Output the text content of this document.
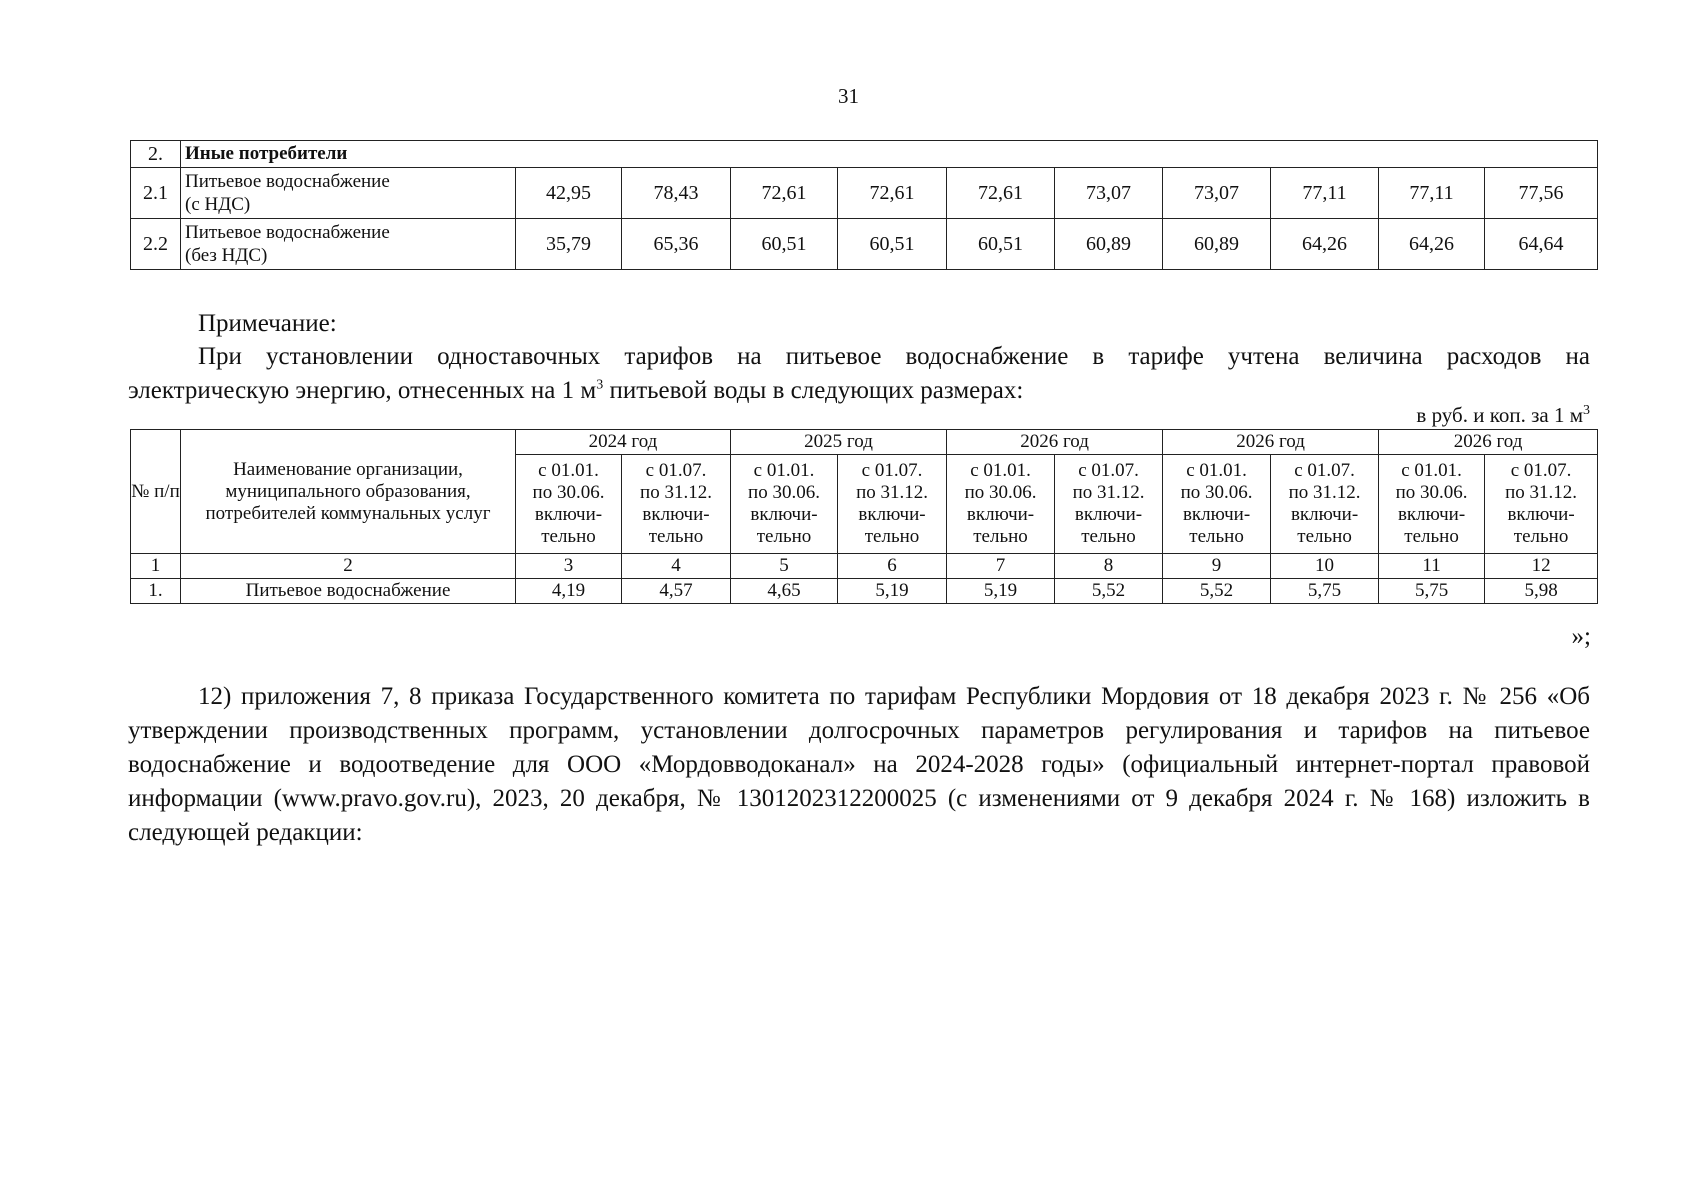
31
2.	Иные потребители										
2.1	Питьевое водоснабжение
(с НДС)	42,95	78,43	72,61	72,61	72,61	73,07	73,07	77,11	77,11	77,56
2.2	Питьевое водоснабжение
(без НДС)	35,79	65,36	60,51	60,51	60,51	60,89	60,89	64,26	64,26	64,64
Примечание:
При установлении одноставочных тарифов на питьевое водоснабжение в тарифе учтена величина расходов на
электрическую энергию, отнесенных на 1 $м^3$ питьевой воды в следующих размерах:
в руб. и коп. за 1 $м^3$
№ п/п	Наименование организации, муниципального образования, потребителей коммунальных услуг	2024 год		2025 год		2026 год		2026 год		2026 год	
		с 01.01.
по 30.06.
включи-
тельно	с 01.07.
по 31.12.
включи-
тельно	с 01.01.
по 30.06.
включи-
тельно	с 01.07.
по 31.12.
включи-
тельно	с 01.01.
по 30.06.
включи-
тельно	с 01.07.
по 31.12.
включи-
тельно	с 01.01.
по 30.06.
включи-
тельно	с 01.07.
по 31.12.
включи-
тельно	с 01.01.
по 30.06.
включи-
тельно	с 01.07.
по 31.12.
включи-
тельно
1	2	3	4	5	6	7	8	9	10	11	12
1.	Питьевое водоснабжение	4,19	4,57	4,65	5,19	5,19	5,52	5,52	5,75	5,75	5,98
»;
12) приложения 7, 8 приказа Государственного комитета по тарифам Республики Мордовия от 18 декабря 2023 г. № 256 «Об утверждении производственных программ, установлении долгосрочных параметров регулирования и тарифов на питьевое водоснабжение и водоотведение для ООО «Мордовводоканал» на 2024-2028 годы» (официальный интернет-портал правовой информации (www.pravo.gov.ru), 2023, 20 декабря, № 1301202312200025 (с изменениями от 9 декабря 2024 г. № 168) изложить в следующей редакции:
